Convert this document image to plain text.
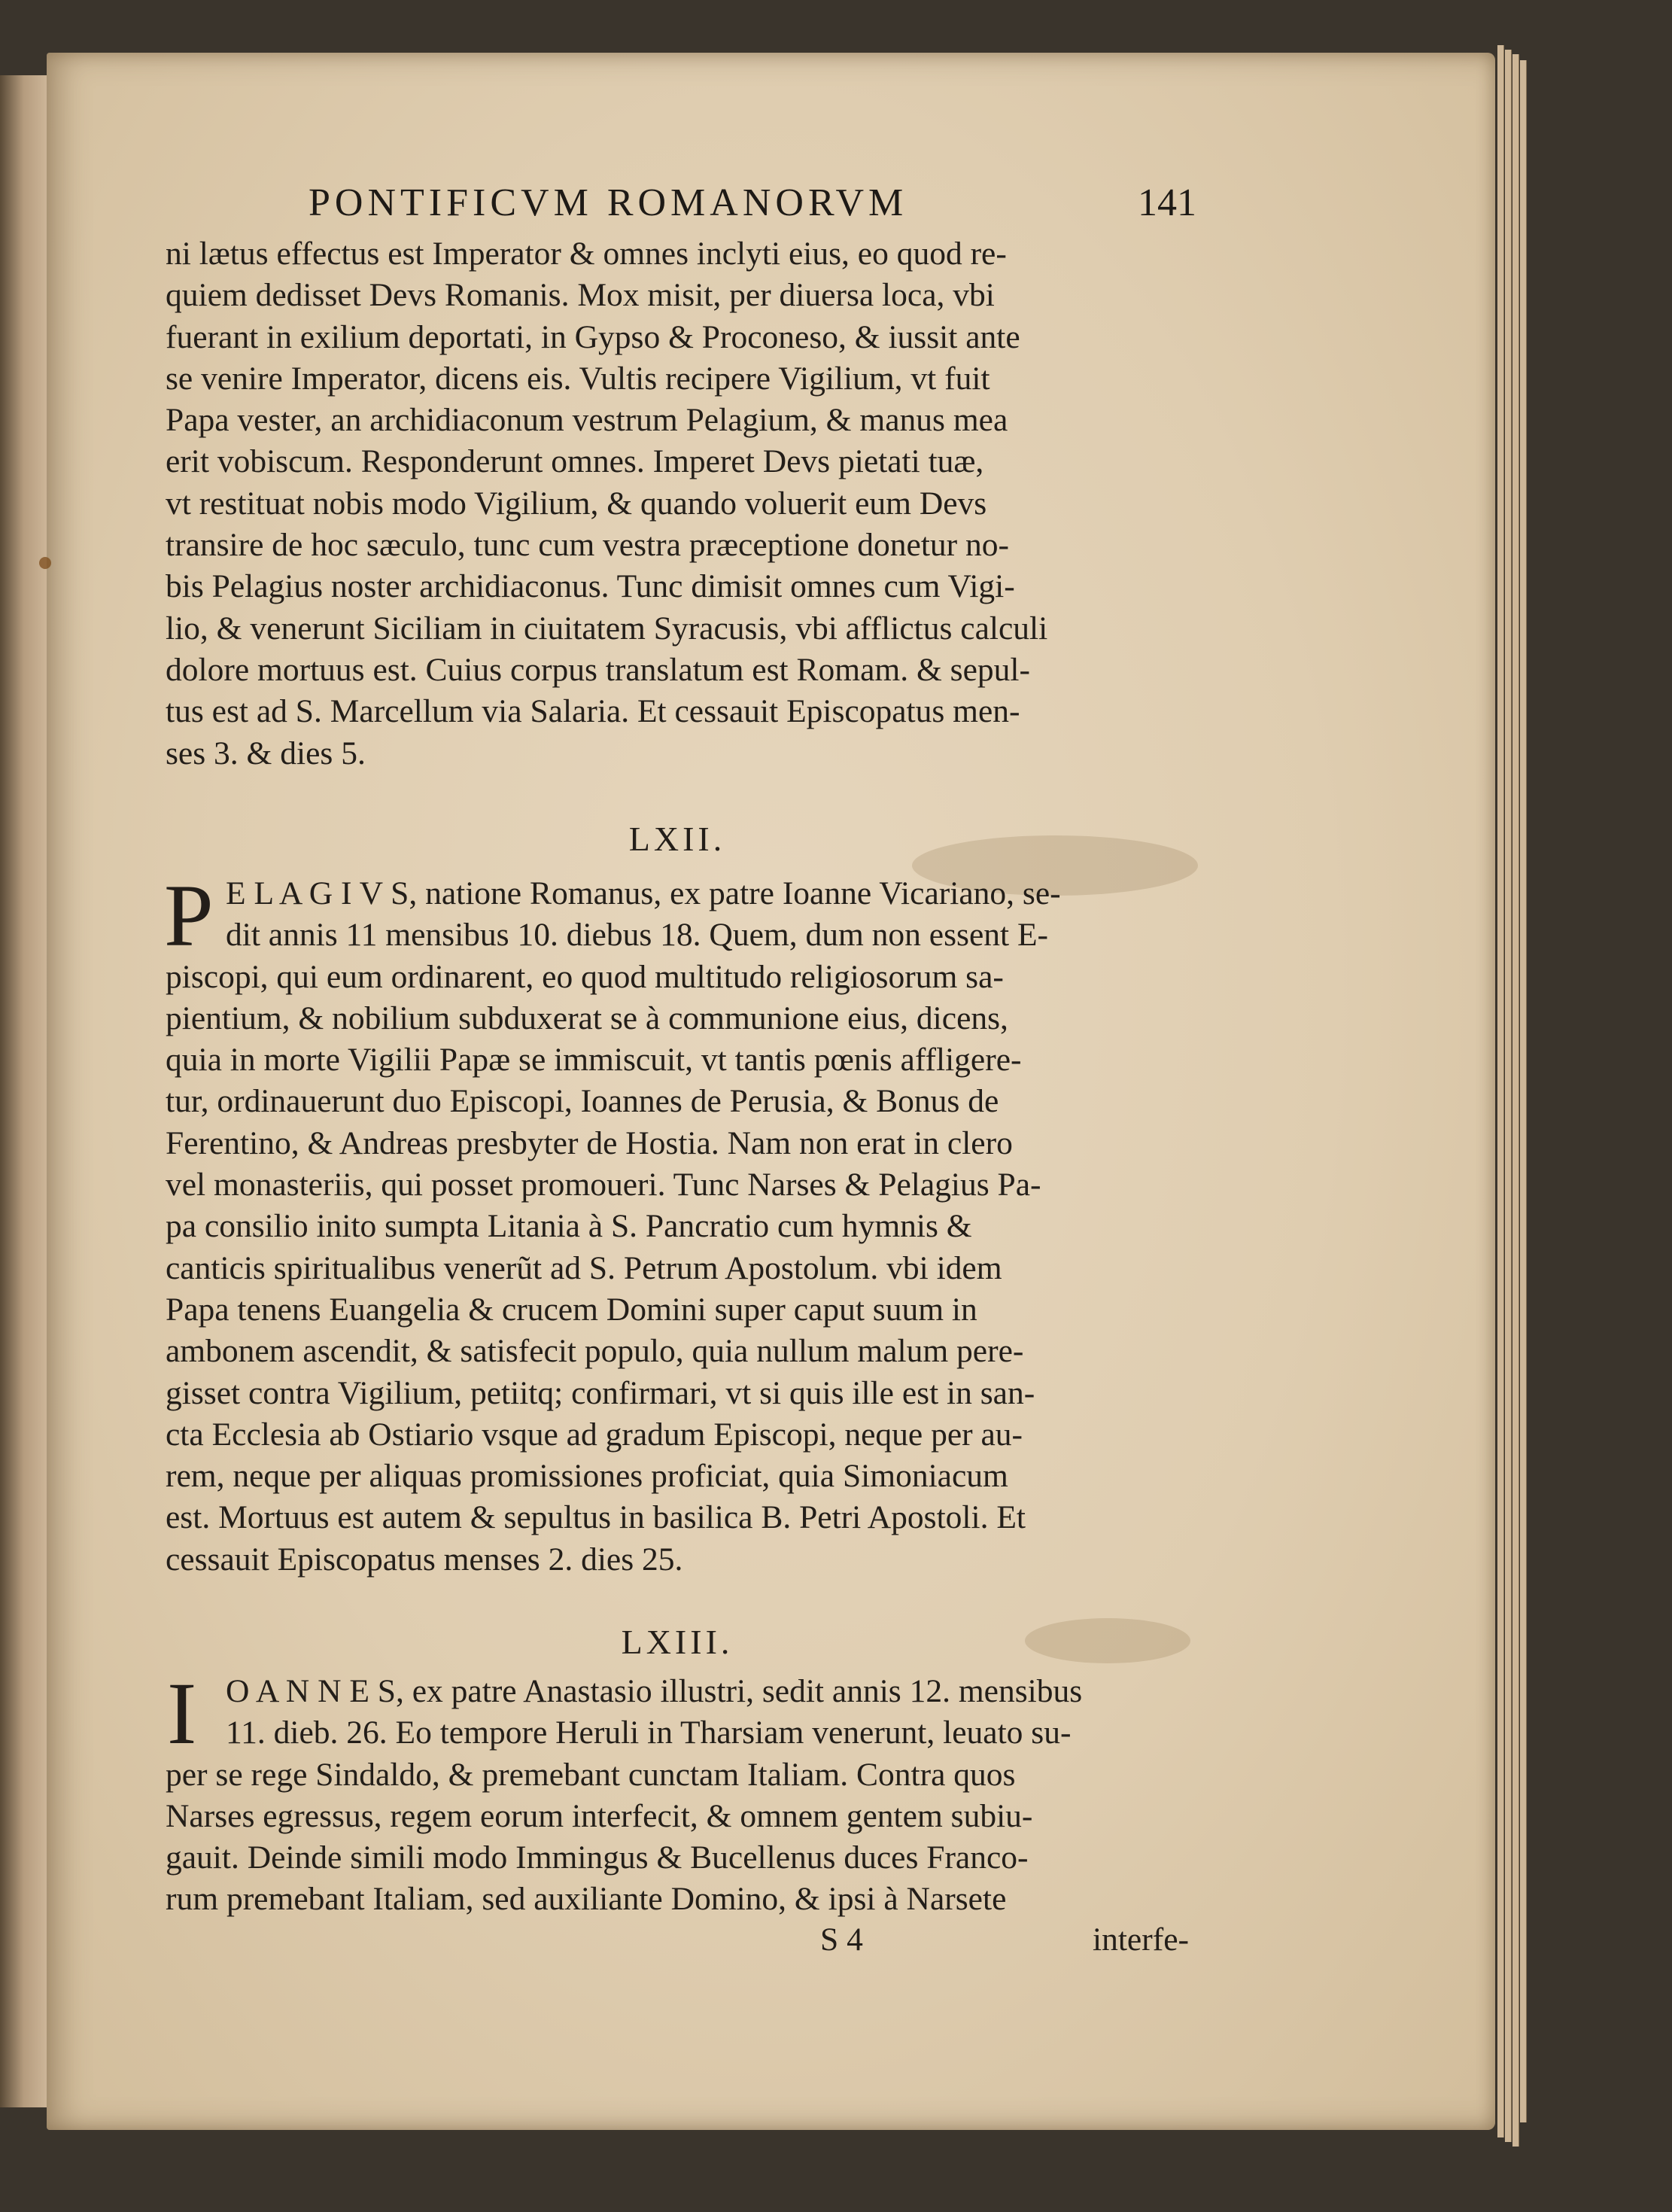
PONTIFICVM ROMANORVM	141
ni lætus effectus est Imperator & omnes inclyti eius, eo quod re-
quiem dedisset Devs Romanis. Mox misit, per diuersa loca, vbi
fuerant in exilium deportati, in Gypso & Proconeso, & iussit ante
se venire Imperator, dicens eis. Vultis recipere Vigilium, vt fuit
Papa vester, an archidiaconum vestrum Pelagium, & manus mea
erit vobiscum. Responderunt omnes. Imperet Devs pietati tuæ,
vt restituat nobis modo Vigilium, & quando voluerit eum Devs
transire de hoc sæculo, tunc cum vestra præceptione donetur no-
bis Pelagius noster archidiaconus. Tunc dimisit omnes cum Vigi-
lio, & venerunt Siciliam in ciuitatem Syracusis, vbi afflictus calculi
dolore mortuus est. Cuius corpus translatum est Romam. & sepul-
tus est ad S. Marcellum via Salaria. Et cessauit Episcopatus men-
ses 3. & dies 5.
LXII.
P E L A G I V S, natione Romanus, ex patre Ioanne Vicariano, se-
dit annis 11 mensibus 10. diebus 18. Quem, dum non essent E-
piscopi, qui eum ordinarent, eo quod multitudo religiosorum sa-
pientium, & nobilium subduxerat se à communione eius, dicens,
quia in morte Vigilii Papæ se immiscuit, vt tantis pœnis affligere-
tur, ordinauerunt duo Episcopi, Ioannes de Perusia, & Bonus de
Ferentino, & Andreas presbyter de Hostia. Nam non erat in clero
vel monasteriis, qui posset promoueri. Tunc Narses & Pelagius Pa-
pa consilio inito sumpta Litania à S. Pancratio cum hymnis &
canticis spiritualibus venerũt ad S. Petrum Apostolum. vbi idem
Papa tenens Euangelia & crucem Domini super caput suum in
ambonem ascendit, & satisfecit populo, quia nullum malum pere-
gisset contra Vigilium, petiitq; confirmari, vt si quis ille est in san-
cta Ecclesia ab Ostiario vsque ad gradum Episcopi, neque per au-
rem, neque per aliquas promissiones proficiat, quia Simoniacum
est. Mortuus est autem & sepultus in basilica B. Petri Apostoli. Et
cessauit Episcopatus menses 2. dies 25.
LXIII.
I O A N N E S, ex patre Anastasio illustri, sedit annis 12. mensibus
11. dieb. 26. Eo tempore Heruli in Tharsiam venerunt, leuato su-
per se rege Sindaldo, & premebant cunctam Italiam. Contra quos
Narses egressus, regem eorum interfecit, & omnem gentem subiu-
gauit. Deinde simili modo Immingus & Bucellenus duces Franco-
rum premebant Italiam, sed auxiliante Domino, & ipsi à Narsete
S 4	interfe-
